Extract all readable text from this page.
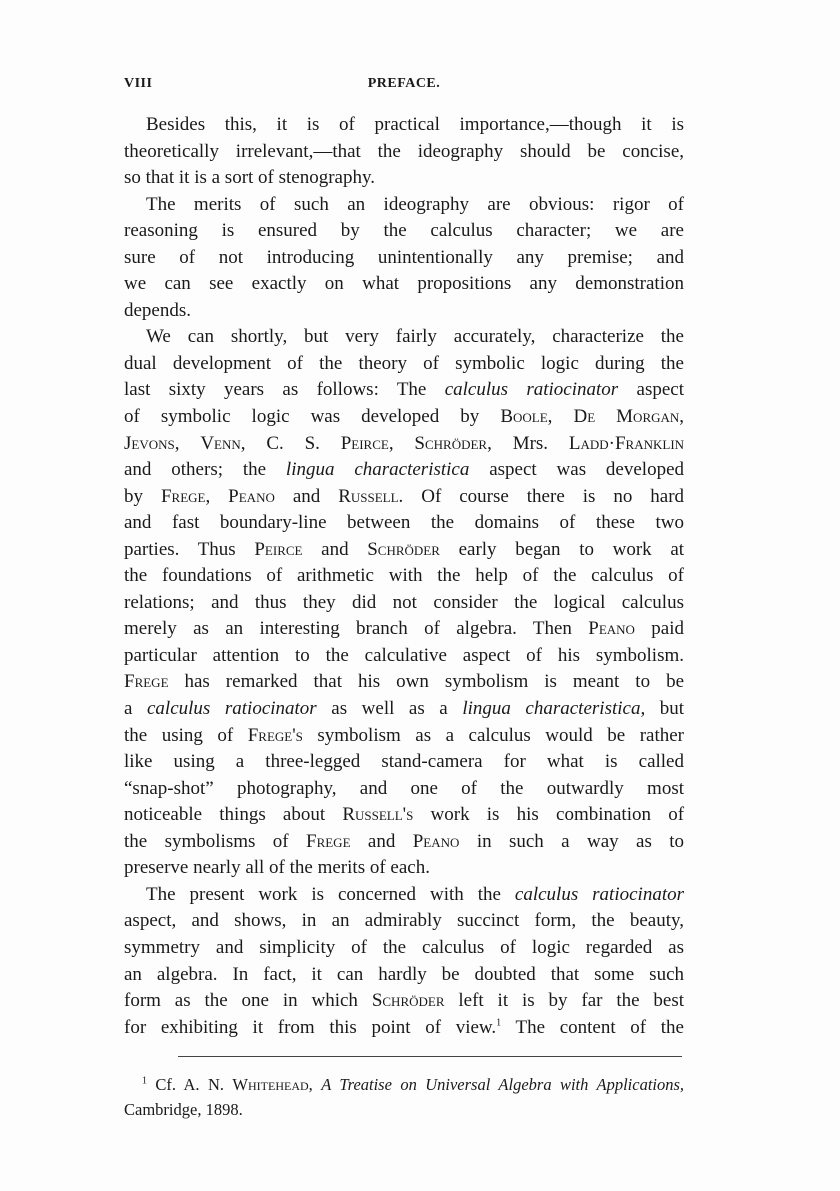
VIII	PREFACE.
Besides this, it is of practical importance,—though it is
theoretically irrelevant,—that the ideography should be concise,
so that it is a sort of stenography.
The merits of such an ideography are obvious: rigor of
reasoning is ensured by the calculus character; we are
sure of not introducing unintentionally any premise; and
we can see exactly on what propositions any demonstration
depends.
We can shortly, but very fairly accurately, characterize the
dual development of the theory of symbolic logic during the
last sixty years as follows: The calculus ratiocinator aspect
of symbolic logic was developed by Boole, De Morgan,
Jevons, Venn, C. S. Peirce, Schröder, Mrs. Ladd·Franklin
and others; the lingua characteristica aspect was developed
by Frege, Peano and Russell. Of course there is no hard
and fast boundary-line between the domains of these two
parties. Thus Peirce and Schröder early began to work at
the foundations of arithmetic with the help of the calculus of
relations; and thus they did not consider the logical calculus
merely as an interesting branch of algebra. Then Peano paid
particular attention to the calculative aspect of his symbolism.
Frege has remarked that his own symbolism is meant to be
a calculus ratiocinator as well as a lingua characteristica, but
the using of Frege's symbolism as a calculus would be rather
like using a three-legged stand-camera for what is called
“snap-shot” photography, and one of the outwardly most
noticeable things about Russell's work is his combination of
the symbolisms of Frege and Peano in such a way as to
preserve nearly all of the merits of each.
The present work is concerned with the calculus ratiocinator
aspect, and shows, in an admirably succinct form, the beauty,
symmetry and simplicity of the calculus of logic regarded as
an algebra. In fact, it can hardly be doubted that some such
form as the one in which Schröder left it is by far the best
for exhibiting it from this point of view.$^1$ The content of the
$^1$ Cf. A. N. Whitehead, A Treatise on Universal Algebra with Applications,
Cambridge, 1898.
